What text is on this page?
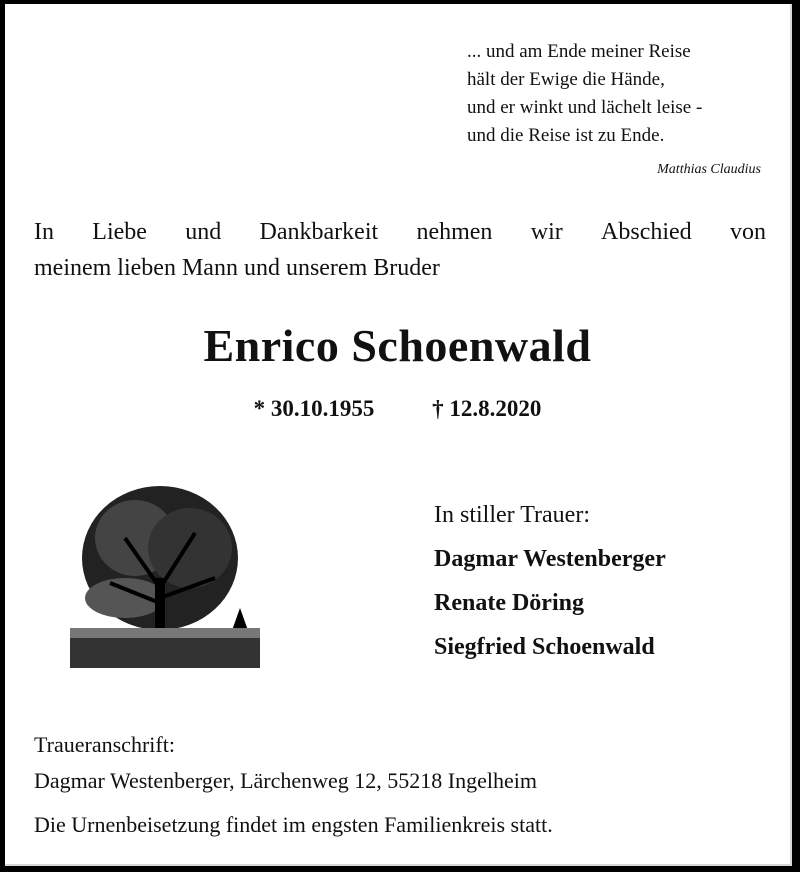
... und am Ende meiner Reise
hält der Ewige die Hände,
und er winkt und lächelt leise -
und die Reise ist zu Ende.
Matthias Claudius
In Liebe und Dankbarkeit nehmen wir Abschied von
meinem lieben Mann und unserem Bruder
Enrico Schoenwald
* 30.10.1955	† 12.8.2020
In stiller Trauer:
Dagmar Westenberger
Renate Döring
Siegfried Schoenwald
Traueranschrift:
Dagmar Westenberger, Lärchenweg 12, 55218 Ingelheim
Die Urnenbeisetzung findet im engsten Familienkreis statt.
